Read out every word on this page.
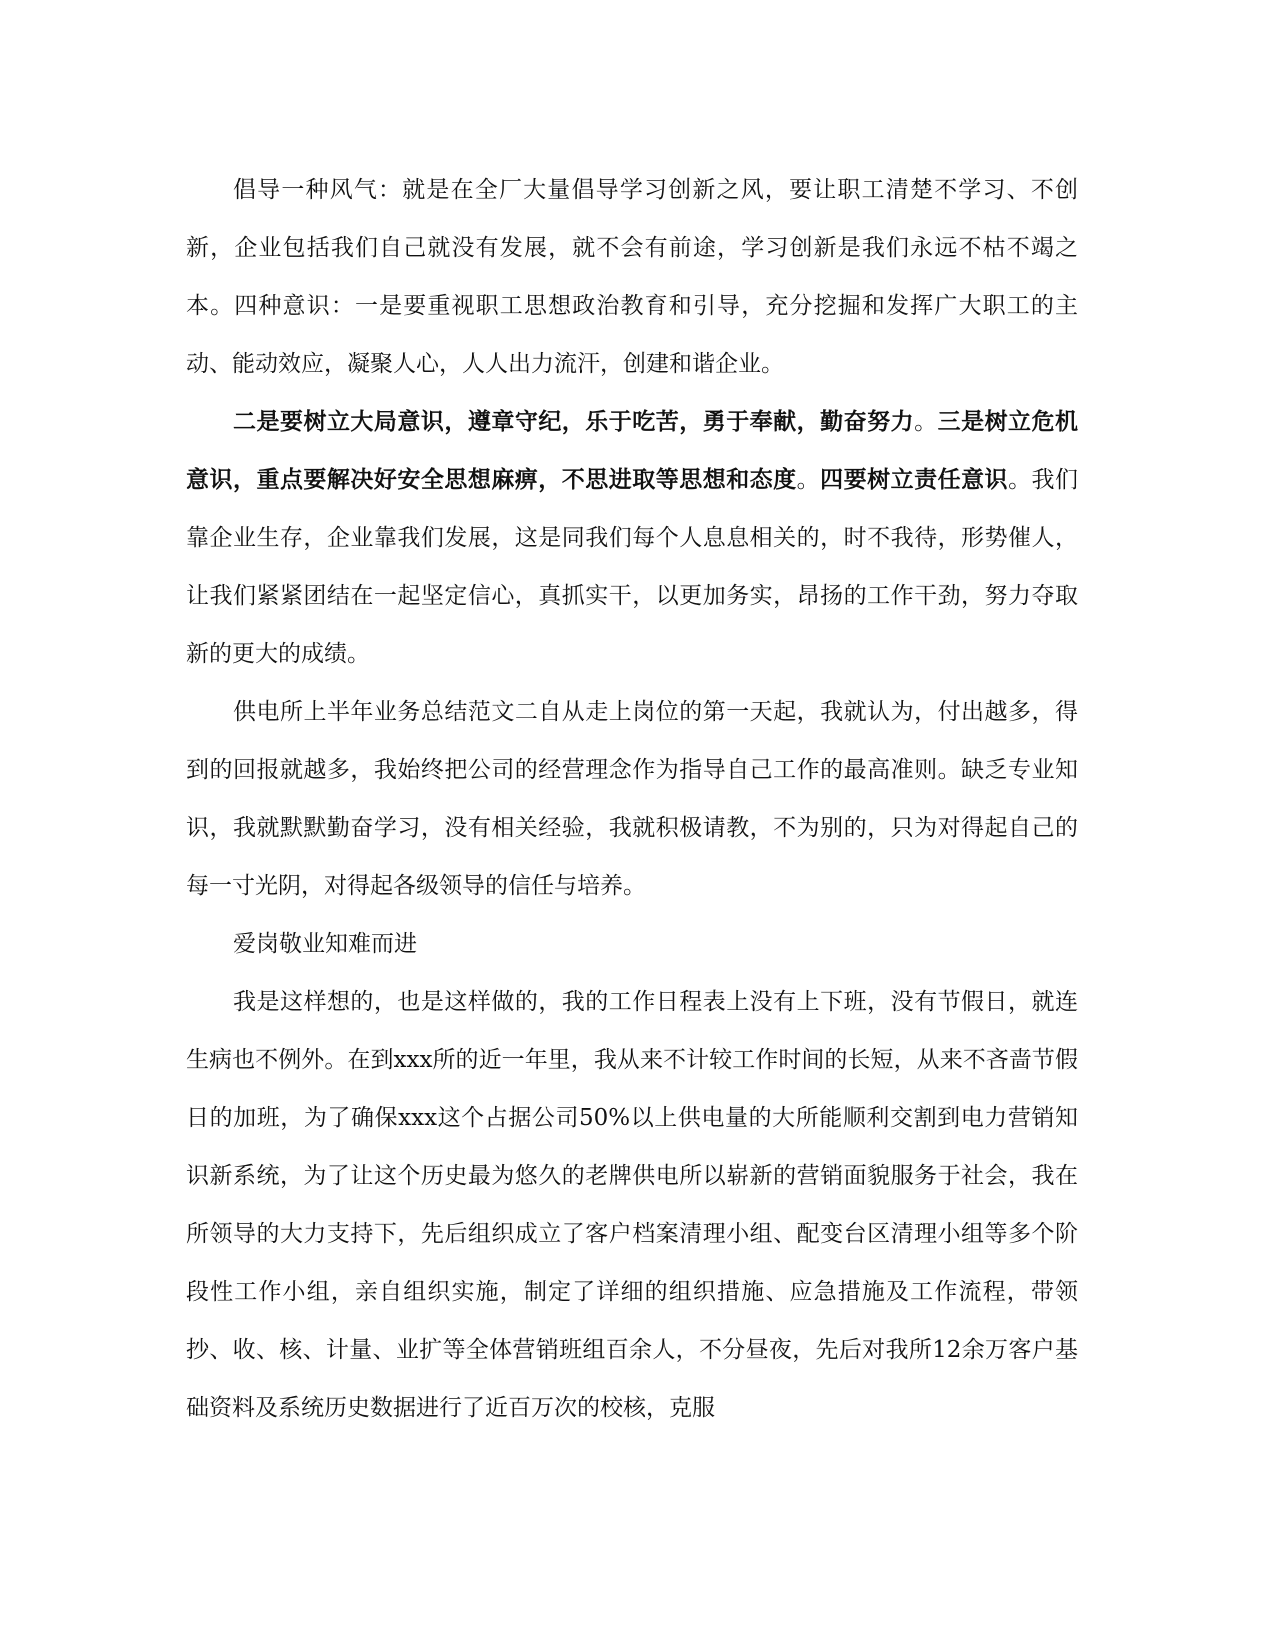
倡导一种风气：就是在全厂大量倡导学习创新之风，要让职工清楚不学习、不创新，企业包括我们自己就没有发展，就不会有前途，学习创新是我们永远不枯不竭之本。四种意识：一是要重视职工思想政治教育和引导，充分挖掘和发挥广大职工的主动、能动效应，凝聚人心，人人出力流汗，创建和谐企业。

二是要树立大局意识，遵章守纪，乐于吃苦，勇于奉献，勤奋努力。三是树立危机意识，重点要解决好安全思想麻痹，不思进取等思想和态度。四要树立责任意识。我们靠企业生存，企业靠我们发展，这是同我们每个人息息相关的，时不我待，形势催人，让我们紧紧团结在一起坚定信心，真抓实干，以更加务实，昂扬的工作干劲，努力夺取新的更大的成绩。

供电所上半年业务总结范文二自从走上岗位的第一天起，我就认为，付出越多，得到的回报就越多，我始终把公司的经营理念作为指导自己工作的最高准则。缺乏专业知识，我就默默勤奋学习，没有相关经验，我就积极请教，不为别的，只为对得起自己的每一寸光阴，对得起各级领导的信任与培养。

爱岗敬业知难而进

我是这样想的，也是这样做的，我的工作日程表上没有上下班，没有节假日，就连生病也不例外。在到xxx所的近一年里，我从来不计较工作时间的长短，从来不吝啬节假日的加班，为了确保xxx这个占据公司50%以上供电量的大所能顺利交割到电力营销知识新系统，为了让这个历史最为悠久的老牌供电所以崭新的营销面貌服务于社会，我在所领导的大力支持下，先后组织成立了客户档案清理小组、配变台区清理小组等多个阶段性工作小组，亲自组织实施，制定了详细的组织措施、应急措施及工作流程，带领抄、收、核、计量、业扩等全体营销班组百余人，不分昼夜，先后对我所12余万客户基础资料及系统历史数据进行了近百万次的校核，克服
